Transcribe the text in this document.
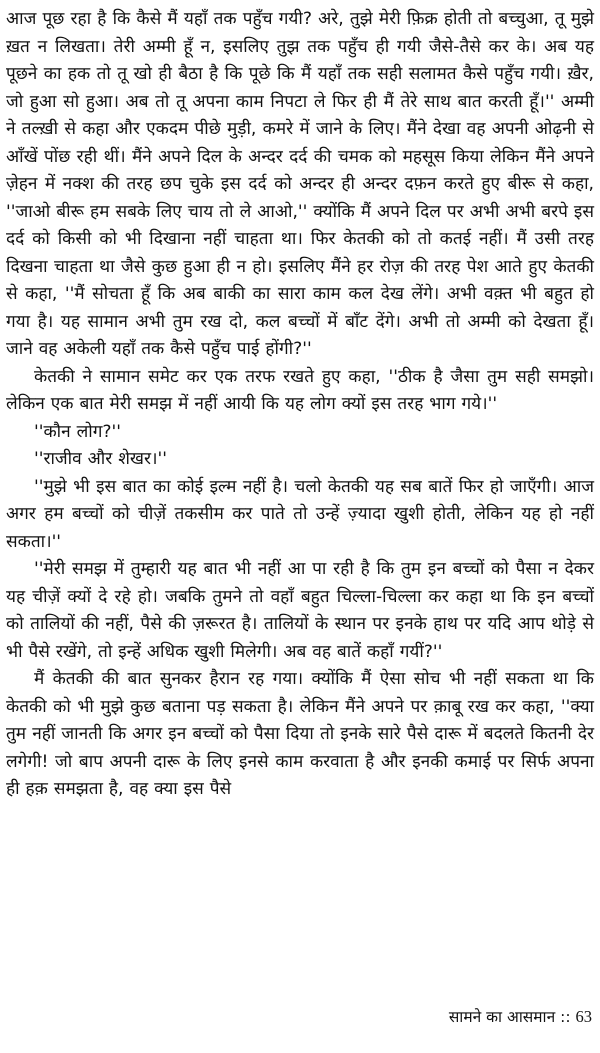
आज पूछ रहा है कि कैसे मैं यहाँ तक पहुँच गयी? अरे, तुझे मेरी फ़िक्र होती तो बच्चुआ, तू मुझे ख़त न लिखता। तेरी अम्मी हूँ न, इसलिए तुझ तक पहुँच ही गयी जैसे-तैसे कर के। अब यह पूछने का हक तो तू खो ही बैठा है कि पूछे कि मैं यहाँ तक सही सलामत कैसे पहुँच गयी। ख़ैर, जो हुआ सो हुआ। अब तो तू अपना काम निपटा ले फिर ही मैं तेरे साथ बात करती हूँ।'' अम्मी ने तल्ख़ी से कहा और एकदम पीछे मुड़ी, कमरे में जाने के लिए। मैंने देखा वह अपनी ओढ़नी से आँखें पोंछ रही थीं। मैंने अपने दिल के अन्दर दर्द की चमक को महसूस किया लेकिन मैंने अपने ज़ेहन में नक्श की तरह छप चुके इस दर्द को अन्दर ही अन्दर दफ़न करते हुए बीरू से कहा, ''जाओ बीरू हम सबके लिए चाय तो ले आओ,'' क्योंकि मैं अपने दिल पर अभी अभी बरपे इस दर्द को किसी को भी दिखाना नहीं चाहता था। फिर केतकी को तो कतई नहीं। मैं उसी तरह दिखना चाहता था जैसे कुछ हुआ ही न हो। इसलिए मैंने हर रोज़ की तरह पेश आते हुए केतकी से कहा, ''मैं सोचता हूँ कि अब बाकी का सारा काम कल देख लेंगे। अभी वक़्त भी बहुत हो गया है। यह सामान अभी तुम रख दो, कल बच्चों में बाँट देंगे। अभी तो अम्मी को देखता हूँ। जाने वह अकेली यहाँ तक कैसे पहुँच पाई होंगी?''

केतकी ने सामान समेट कर एक तरफ रखते हुए कहा, ''ठीक है जैसा तुम सही समझो। लेकिन एक बात मेरी समझ में नहीं आयी कि यह लोग क्यों इस तरह भाग गये।''

''कौन लोग?''

''राजीव और शेखर।''

''मुझे भी इस बात का कोई इल्म नहीं है। चलो केतकी यह सब बातें फिर हो जाएँगी। आज अगर हम बच्चों को चीज़ें तकसीम कर पाते तो उन्हें ज़्यादा खुशी होती, लेकिन यह हो नहीं सकता।''

''मेरी समझ में तुम्हारी यह बात भी नहीं आ पा रही है कि तुम इन बच्चों को पैसा न देकर यह चीज़ें क्यों दे रहे हो। जबकि तुमने तो वहाँ बहुत चिल्ला-चिल्ला कर कहा था कि इन बच्चों को तालियों की नहीं, पैसे की ज़रूरत है। तालियों के स्थान पर इनके हाथ पर यदि आप थोड़े से भी पैसे रखेंगे, तो इन्हें अधिक खुशी मिलेगी। अब वह बातें कहाँ गयीं?''

मैं केतकी की बात सुनकर हैरान रह गया। क्योंकि मैं ऐसा सोच भी नहीं सकता था कि केतकी को भी मुझे कुछ बताना पड़ सकता है। लेकिन मैंने अपने पर क़ाबू रख कर कहा, ''क्या तुम नहीं जानती कि अगर इन बच्चों को पैसा दिया तो इनके सारे पैसे दारू में बदलते कितनी देर लगेगी! जो बाप अपनी दारू के लिए इनसे काम करवाता है और इनकी कमाई पर सिर्फ अपना ही हक़ समझता है, वह क्या इस पैसे

सामने का आसमान :: 63
